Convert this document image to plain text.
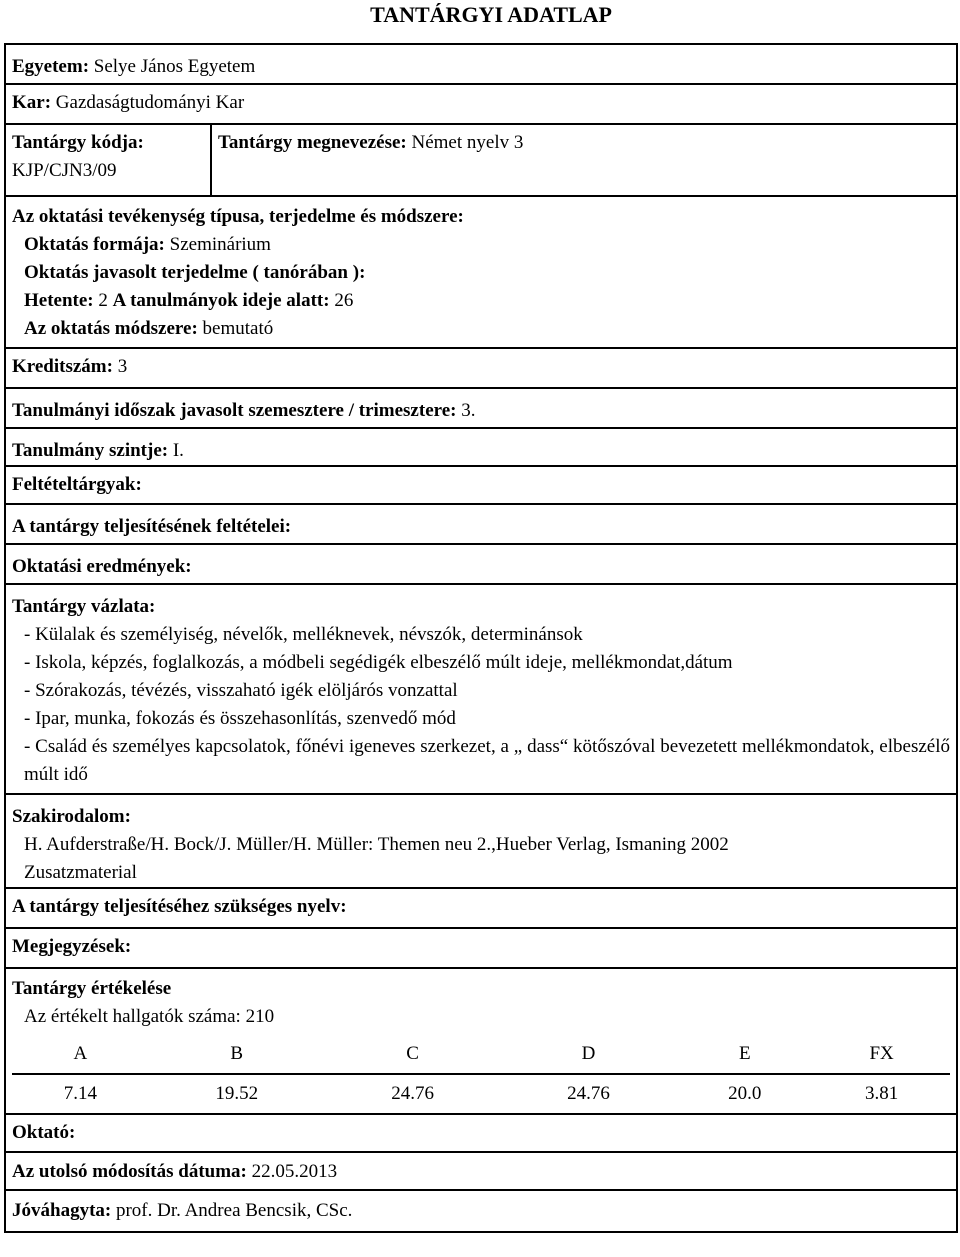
TANTÁRGYI ADATLAP
Egyetem: Selye János Egyetem
Kar: Gazdaságtudományi Kar
Tantárgy kódja:
KJP/CJN3/09
Tantárgy megnevezése: Német nyelv 3
Az oktatási tevékenység típusa, terjedelme és módszere:
Oktatás formája: Szeminárium
Oktatás javasolt terjedelme ( tanórában ):
Hetente: 2 A tanulmányok ideje alatt: 26
Az oktatás módszere: bemutató
Kreditszám: 3
Tanulmányi időszak javasolt szemesztere / trimesztere: 3.
Tanulmány szintje: I.
Feltételtárgyak:
A tantárgy teljesítésének feltételei:
Oktatási eredmények:
Tantárgy vázlata:
- Külalak és személyiség, névelők, melléknevek, névszók, determinánsok
- Iskola, képzés, foglalkozás, a módbeli segédigék elbeszélő múlt ideje, mellékmondat,dátum
- Szórakozás, tévézés, visszaható igék elöljárós vonzattal
- Ipar, munka, fokozás és összehasonlítás, szenvedő mód
- Család és személyes kapcsolatok, főnévi igeneves szerkezet, a „ dass“ kötőszóval bevezetett mellékmondatok, elbeszélő múlt idő
Szakirodalom:
H. Aufderstraße/H. Bock/J. Müller/H. Müller: Themen neu 2.,Hueber Verlag, Ismaning 2002
Zusatzmaterial
A tantárgy teljesítéséhez szükséges nyelv:
Megjegyzések:
Tantárgy értékelése
Az értékelt hallgatók száma: 210
A	B	C	D	E	FX
7.14	19.52	24.76	24.76	20.0	3.81
Oktató:
Az utolsó módosítás dátuma: 22.05.2013
Jóváhagyta: prof. Dr. Andrea Bencsik, CSc.
